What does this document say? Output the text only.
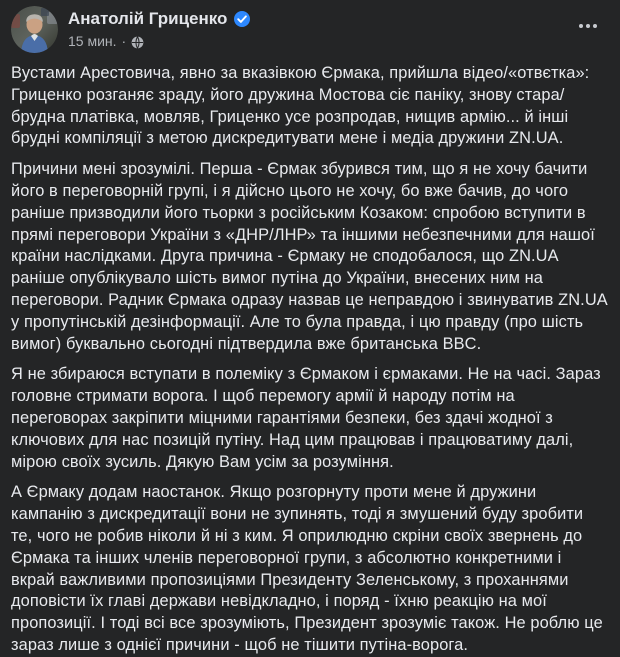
Анатолій Гриценко
15 мин. ·

Вустами Арестовича, явно за вказівкою Єрмака, прийшла відео/«отвєтка»: Гриценко розганяє зраду, його дружина Мостова сіє паніку, знову стара/брудна платівка, мовляв, Гриценко усе розпродав, нищив армію... й інші брудні компіляції з метою дискредитувати мене і медіа дружини ZN.UA.

Причини мені зрозумілі. Перша - Єрмак збурився тим, що я не хочу бачити його в переговорній групі, і я дійсно цього не хочу, бо вже бачив, до чого раніше призводили його тьорки з російським Козаком: спробою вступити в прямі переговори України з «ДНР/ЛНР» та іншими небезпечними для нашої країни наслідками. Друга причина - Єрмаку не сподобалося, що ZN.UA раніше опублікувало шість вимог путіна до України, внесених ним на переговори. Радник Єрмака одразу назвав це неправдою і звинуватив ZN.UA у пропутінській дезінформації. Але то була правда, і цю правду (про шість вимог) буквально сьогодні підтвердила вже британська BBC.

Я не збираюся вступати в полеміку з Єрмаком і єрмаками. Не на часі. Зараз головне стримати ворога. І щоб перемогу армії й народу потім на переговорах закріпити міцними гарантіями безпеки, без здачі жодної з ключових для нас позицій путіну. Над цим працював і працюватиму далі, мірою своїх зусиль. Дякую Вам усім за розуміння.

А Єрмаку додам наостанок. Якщо розгорнуту проти мене й дружини кампанію з дискредитації вони не зупинять, тоді я змушений буду зробити те, чого не робив ніколи й ні з ким. Я оприлюдню скріни своїх звернень до Єрмака та інших членів переговорної групи, з абсолютно конкретними і вкрай важливими пропозиціями Президенту Зеленському, з проханнями доповісти їх главі держави невідкладно, і поряд - їхню реакцію на мої пропозиції. І тоді всі все зрозуміють, Президент зрозуміє також. Не роблю це зараз лише з однієї причини - щоб не тішити путіна-ворога.
